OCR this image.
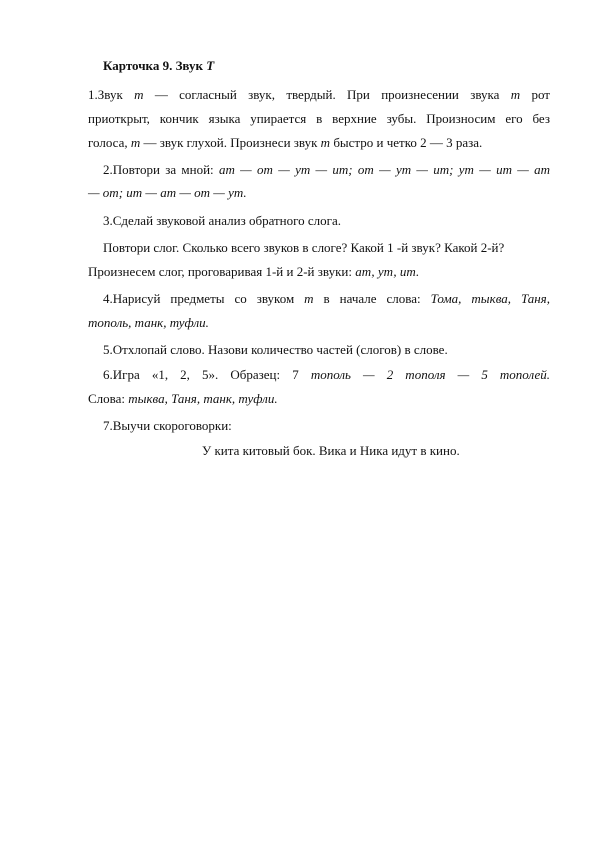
Карточка 9. Звук Т
1.Звук т — согласный звук, твердый. При произнесении звука т рот
приоткрыт, кончик языка упирается в верхние зубы. Произносим его без
голоса, т — звук глухой. Произнеси звук т быстро и четко 2 — 3 раза.
2.Повтори за мной: ат — от — ут — ит; от — ут — ит; ут — ит — ат
— от; ит — ат — от — ут.
3.Сделай звуковой анализ обратного слога.
Повтори слог. Сколько всего звуков в слоге? Какой 1 -й звук? Какой 2-й?
Произнесем слог, проговаривая 1-й и 2-й звуки: ат, ут, ит.
4.Нарисуй предметы со звуком т в начале слова: Тома, тыква, Таня,
тополь, танк, туфли.
5.Отхлопай слово. Назови количество частей (слогов) в слове.
6.Игра «1, 2, 5». Образец: 7 тополь — 2 тополя — 5 тополей.
Слова: тыква, Таня, танк, туфли.
7.Выучи скороговорки:
У кита китовый бок. Вика и Ника идут в кино.
